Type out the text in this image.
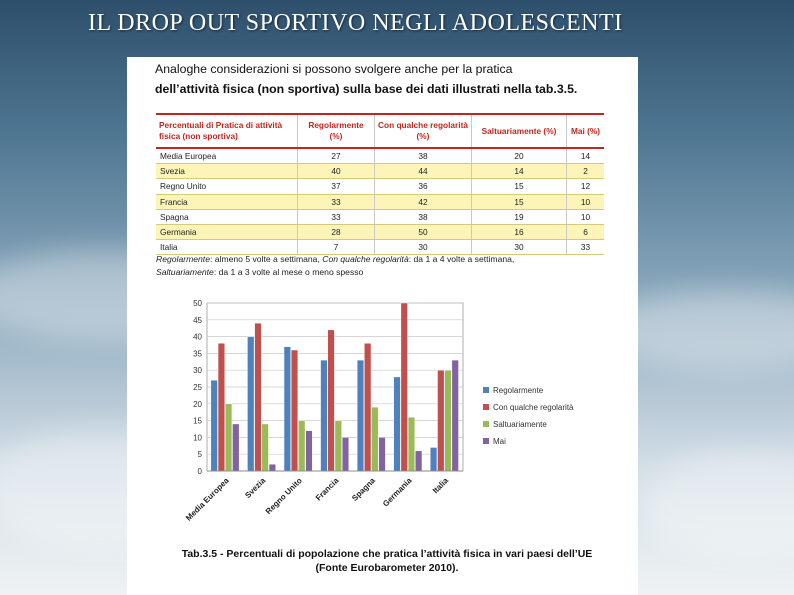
IL DROP OUT SPORTIVO NEGLI ADOLESCENTI
Analoghe considerazioni si possono svolgere anche per la pratica
dell’attività fisica (non sportiva) sulla base dei dati illustrati nella tab.3.5.
Percentuali di Pratica di attività fisica (non sportiva)	Regolarmente (%)	Con qualche regolarità (%)	Saltuariamente (%)	Mai (%)
Media Europea	27	38	20	14
Svezia	40	44	14	2
Regno Unito	37	36	15	12
Francia	33	42	15	10
Spagna	33	38	19	10
Germania	28	50	16	6
Italia	7	30	30	33
Regolarmente: almeno 5 volte a settimana, Con qualche regolarità: da 1 a 4 volte a settimana,
Saltuariamente: da 1 a 3 volte al mese o meno spesso
0
5
10
15
20
25
30
35
40
45
50
Media Europea Svezia
Regno Unito Francia Spagna Germania Italia
Regolarmente
Con qualche regolarità
Saltuariamente
Mai
Tab.3.5 - Percentuali di popolazione che pratica l’attività fisica in vari paesi dell’UE
(Fonte Eurobarometer 2010).
